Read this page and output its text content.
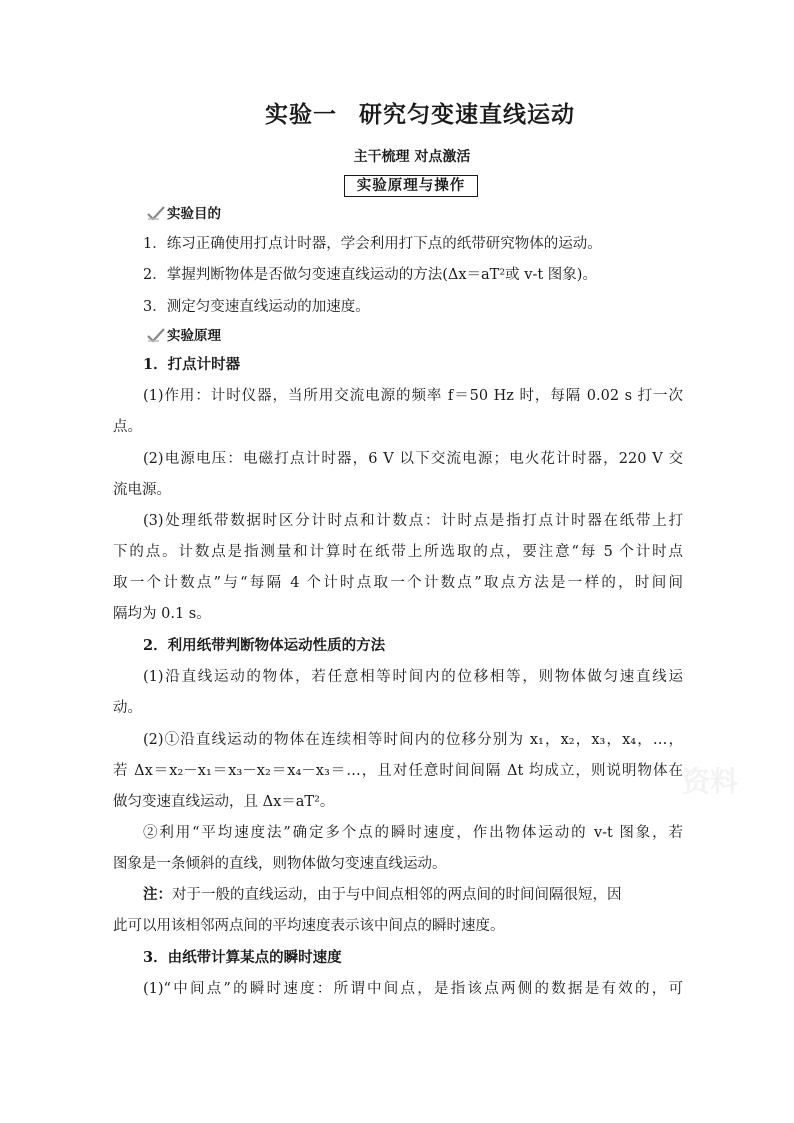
资料
实验一 研究匀变速直线运动
主干梳理 对点激活
实验原理与操作
实验目的
1．练习正确使用打点计时器，学会利用打下点的纸带研究物体的运动。
2．掌握判断物体是否做匀变速直线运动的方法(Δx＝aT²或 v-t 图象)。
3．测定匀变速直线运动的加速度。
实验原理
1．打点计时器
(1)作用：计时仪器，当所用交流电源的频率 f＝50 Hz 时，每隔 0.02 s 打一次
点。
(2)电源电压：电磁打点计时器，6 V 以下交流电源；电火花计时器，220 V 交
流电源。
(3)处理纸带数据时区分计时点和计数点：计时点是指打点计时器在纸带上打
下的点。计数点是指测量和计算时在纸带上所选取的点，要注意“每 5 个计时点
取一个计数点”与“每隔 4 个计时点取一个计数点”取点方法是一样的，时间间
隔均为 0.1 s。
2．利用纸带判断物体运动性质的方法
(1)沿直线运动的物体，若任意相等时间内的位移相等，则物体做匀速直线运
动。
(2)①沿直线运动的物体在连续相等时间内的位移分别为 x₁，x₂，x₃，x₄，…，
若 Δx＝x₂－x₁＝x₃－x₂＝x₄－x₃＝…，且对任意时间间隔 Δt 均成立，则说明物体在
做匀变速直线运动，且 Δx＝aT²。
②利用“平均速度法”确定多个点的瞬时速度，作出物体运动的 v-t 图象，若
图象是一条倾斜的直线，则物体做匀变速直线运动。
注：对于一般的直线运动，由于与中间点相邻的两点间的时间间隔很短，因
此可以用该相邻两点间的平均速度表示该中间点的瞬时速度。
3．由纸带计算某点的瞬时速度
(1)“中间点”的瞬时速度：所谓中间点，是指该点两侧的数据是有效的，可
